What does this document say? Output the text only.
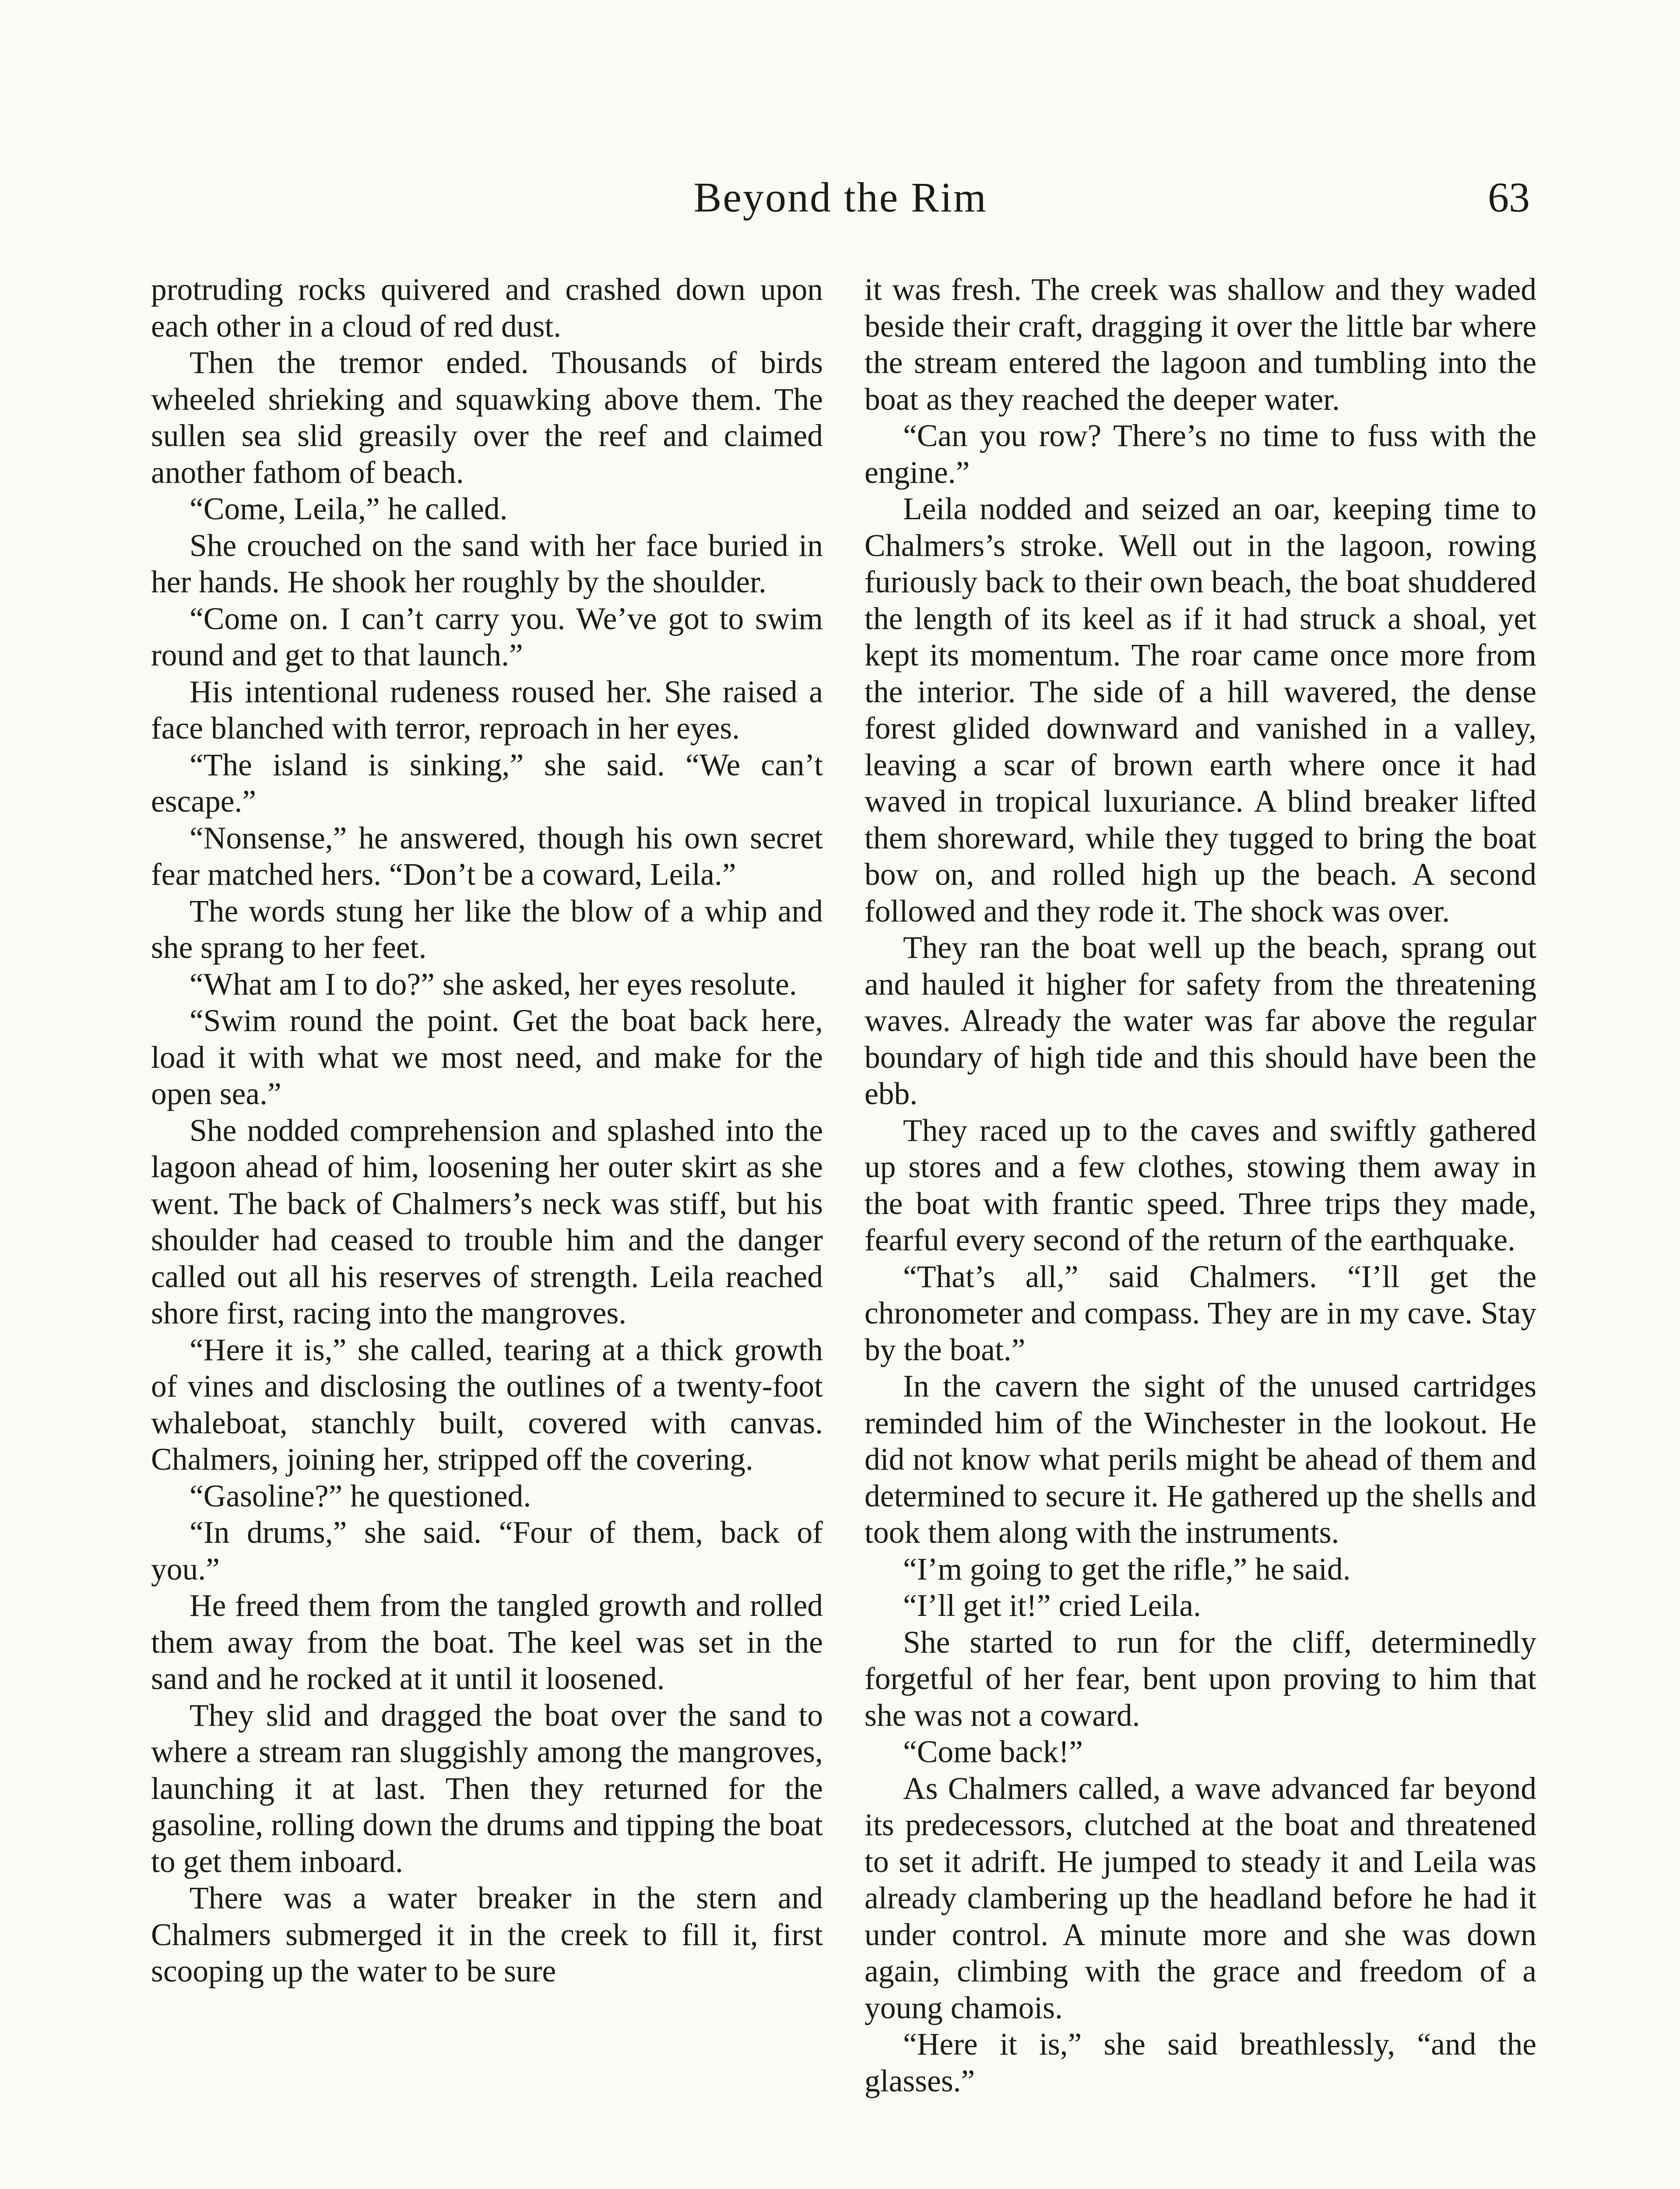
Beyond the Rim	63

protruding rocks quivered and crashed down upon each other in a cloud of red dust.

Then the tremor ended. Thousands of birds wheeled shrieking and squawking above them. The sullen sea slid greasily over the reef and claimed another fathom of beach.

“Come, Leila,” he called.

She crouched on the sand with her face buried in her hands. He shook her roughly by the shoulder.

“Come on. I can’t carry you. We’ve got to swim round and get to that launch.”

His intentional rudeness roused her. She raised a face blanched with terror, reproach in her eyes.

“The island is sinking,” she said. “We can’t escape.”

“Nonsense,” he answered, though his own secret fear matched hers. “Don’t be a coward, Leila.”

The words stung her like the blow of a whip and she sprang to her feet.

“What am I to do?” she asked, her eyes resolute.

“Swim round the point. Get the boat back here, load it with what we most need, and make for the open sea.”

She nodded comprehension and splashed into the lagoon ahead of him, loosening her outer skirt as she went. The back of Chalmers’s neck was stiff, but his shoulder had ceased to trouble him and the danger called out all his reserves of strength. Leila reached shore first, racing into the mangroves.

“Here it is,” she called, tearing at a thick growth of vines and disclosing the outlines of a twenty-foot whaleboat, stanchly built, covered with canvas. Chalmers, joining her, stripped off the covering.

“Gasoline?” he questioned.

“In drums,” she said. “Four of them, back of you.”

He freed them from the tangled growth and rolled them away from the boat. The keel was set in the sand and he rocked at it until it loosened.

They slid and dragged the boat over the sand to where a stream ran sluggishly among the mangroves, launching it at last. Then they returned for the gasoline, rolling down the drums and tipping the boat to get them inboard.

There was a water breaker in the stern and Chalmers submerged it in the creek to fill it, first scooping up the water to be sure

it was fresh. The creek was shallow and they waded beside their craft, dragging it over the little bar where the stream entered the lagoon and tumbling into the boat as they reached the deeper water.

“Can you row? There’s no time to fuss with the engine.”

Leila nodded and seized an oar, keeping time to Chalmers’s stroke. Well out in the lagoon, rowing furiously back to their own beach, the boat shuddered the length of its keel as if it had struck a shoal, yet kept its momentum. The roar came once more from the interior. The side of a hill wavered, the dense forest glided downward and vanished in a valley, leaving a scar of brown earth where once it had waved in tropical luxuriance. A blind breaker lifted them shoreward, while they tugged to bring the boat bow on, and rolled high up the beach. A second followed and they rode it. The shock was over.

They ran the boat well up the beach, sprang out and hauled it higher for safety from the threatening waves. Already the water was far above the regular boundary of high tide and this should have been the ebb.

They raced up to the caves and swiftly gathered up stores and a few clothes, stowing them away in the boat with frantic speed. Three trips they made, fearful every second of the return of the earthquake.

“That’s all,” said Chalmers. “I’ll get the chronometer and compass. They are in my cave. Stay by the boat.”

In the cavern the sight of the unused cartridges reminded him of the Winchester in the lookout. He did not know what perils might be ahead of them and determined to secure it. He gathered up the shells and took them along with the instruments.

“I’m going to get the rifle,” he said.

“I’ll get it!” cried Leila.

She started to run for the cliff, determinedly forgetful of her fear, bent upon proving to him that she was not a coward.

“Come back!”

As Chalmers called, a wave advanced far beyond its predecessors, clutched at the boat and threatened to set it adrift. He jumped to steady it and Leila was already clambering up the headland before he had it under control. A minute more and she was down again, climbing with the grace and freedom of a young chamois.

“Here it is,” she said breathlessly, “and the glasses.”
